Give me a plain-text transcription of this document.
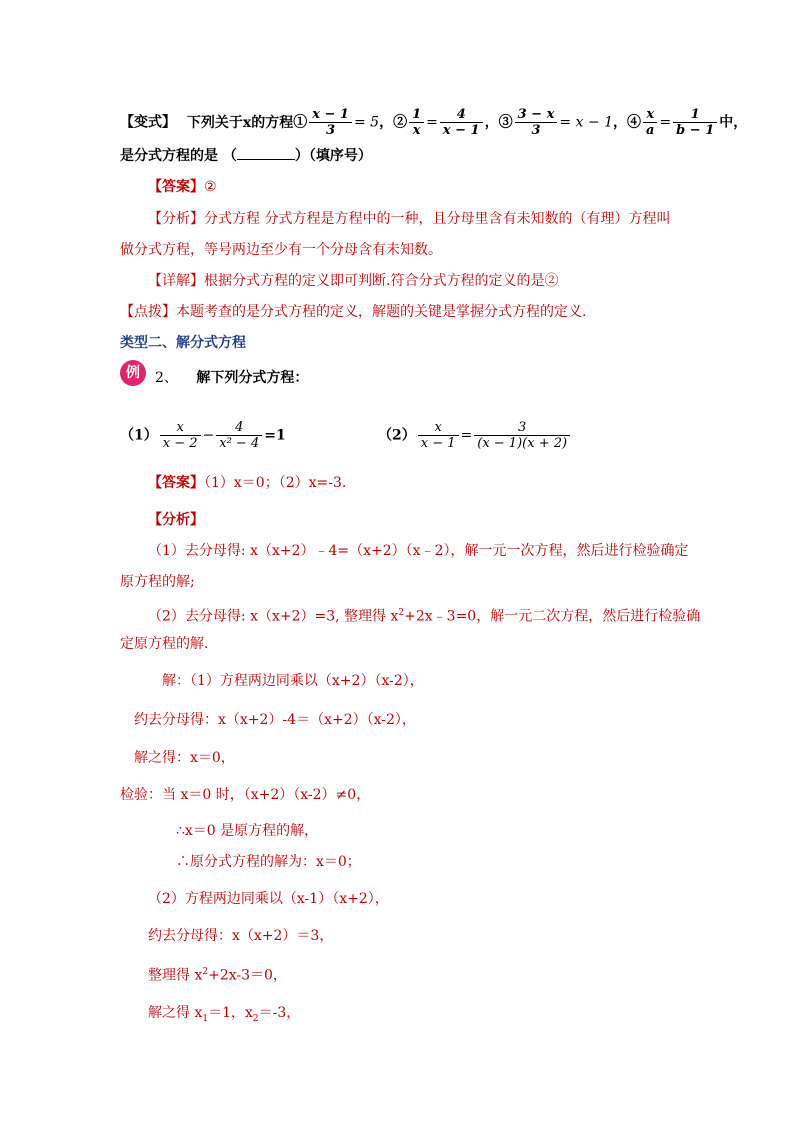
【变式】 下列关于x的方程① $\frac{x - 1}{3} = 5$，② $\frac{1}{x} = \frac{4}{x - 1}$ ，③ $\frac{3 - x}{3} = x - 1$，④ $\frac{x}{a} = \frac{1}{b - 1}$ 中，
是分式方程的是 （	）（填序号）
【答案】②
【分析】分式方程 分式方程是方程中的一种，且分母里含有未知数的（有理）方程叫
做分式方程，等号两边至少有一个分母含有未知数。
【详解】根据分式方程的定义即可判断.符合分式方程的定义的是②
【点拨】本题考查的是分式方程的定义，解题的关键是掌握分式方程的定义.
类型二、解分式方程
例	2、 解下列分式方程：
$(1) \frac{x}{x - 2} - \frac{4}{\text{x² − 4}} =1$	$(2) \frac{x}{x - 1} = \frac{3}{(x - 1)(x + 2)}$
【答案】（1）x＝0；（2）x=-3.
【分析】
（1）去分母得: x（x+2）﹣4=（x+2）（x﹣2），解一元一次方程，然后进行检验确定
原方程的解;
（2）去分母得: x（x+2）=3, 整理得 $x^2+2x﹣3=0$，解一元二次方程，然后进行检验确
定原方程的解.
解：（1）方程两边同乘以（x+2）（x-2），
约去分母得：x（x+2）-4＝（x+2）（x-2），
解之得：x＝0，
检验：当 x＝0 时，（x+2）（x-2）≠0，
∴x＝0 是原方程的解，
∴原分式方程的解为：x＝0；
（2）方程两边同乘以（x-1）（x+2），
约去分母得：x（x+2）＝3，
整理得 $x^2+2x-3=0$，
解之得 $x_1=1$，$x_2=-3$，
